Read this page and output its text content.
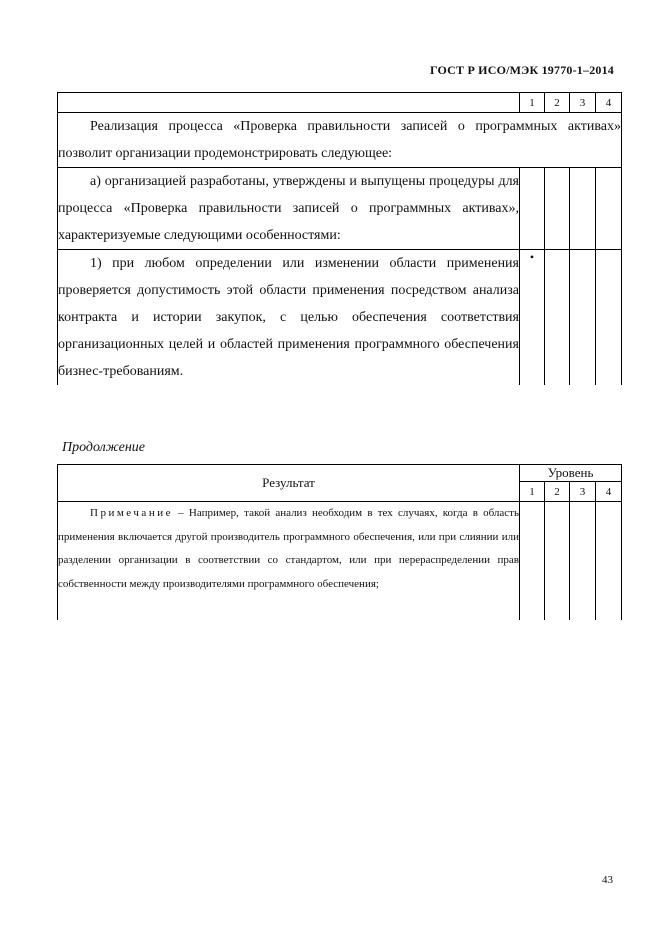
ГОСТ Р ИСО/МЭК 19770-1–2014
	1	2	3	4
Реализация процесса «Проверка правильности записей о программных активах» позволит организации продемонстрировать следующее:				
а) организацией разработаны, утверждены и выпущены процедуры для процесса «Проверка правильности записей о программных активах», характеризуемые следующими особенностями:				
1) при любом определении или изменении области применения проверяется допустимость этой области применения посредством анализа контракта и истории закупок, с целью обеспечения соответствия организационных целей и областей применения программного обеспечения бизнес-требованиям.	•			
Продолжение
Результат	Уровень			
	1	2	3	4
Примечание – Например, такой анализ необходим в тех случаях, когда в область применения включается другой производитель программного обеспечения, или при слиянии или разделении организации в соответствии со стандартом, или при перераспределении прав собственности между производителями программного обеспечения;				
43
